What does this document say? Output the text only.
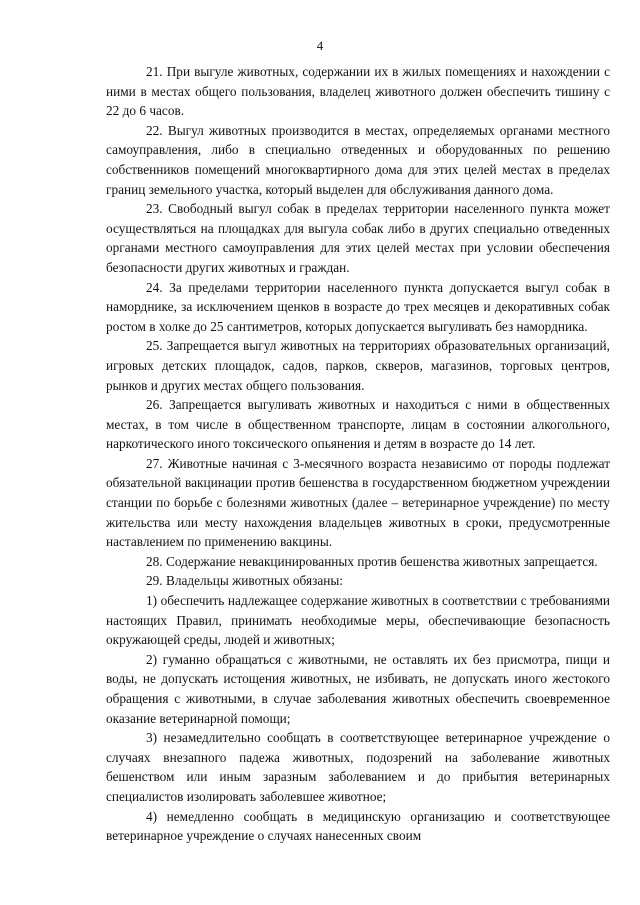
4

21. При выгуле животных, содержании их в жилых помещениях и нахождении с ними в местах общего пользования, владелец животного должен обеспечить тишину с 22 до 6 часов.

22. Выгул животных производится в местах, определяемых органами местного самоуправления, либо в специально отведенных и оборудованных по решению собственников помещений многоквартирного дома для этих целей местах в пределах границ земельного участка, который выделен для обслуживания данного дома.

23. Свободный выгул собак в пределах территории населенного пункта может осуществляться на площадках для выгула собак либо в других специально отведенных органами местного самоуправления для этих целей местах при условии обеспечения безопасности других животных и граждан.

24. За пределами территории населенного пункта допускается выгул собак в наморднике, за исключением щенков в возрасте до трех месяцев и декоративных собак ростом в холке до 25 сантиметров, которых допускается выгуливать без намордника.

25. Запрещается выгул животных на территориях образовательных организаций, игровых детских площадок, садов, парков, скверов, магазинов, торговых центров, рынков и других местах общего пользования.

26. Запрещается выгуливать животных и находиться с ними в общественных местах, в том числе в общественном транспорте, лицам в состоянии алкогольного, наркотического иного токсического опьянения и детям в возрасте до 14 лет.

27. Животные начиная с 3-месячного возраста независимо от породы подлежат обязательной вакцинации против бешенства в государственном бюджетном учреждении станции по борьбе с болезнями животных (далее – ветеринарное учреждение) по месту жительства или месту нахождения владельцев животных в сроки, предусмотренные наставлением по применению вакцины.

28. Содержание невакцинированных против бешенства животных запрещается.

29. Владельцы животных обязаны:

1) обеспечить надлежащее содержание животных в соответствии с требованиями настоящих Правил, принимать необходимые меры, обеспечивающие безопасность окружающей среды, людей и животных;

2) гуманно обращаться с животными, не оставлять их без присмотра, пищи и воды, не допускать истощения животных, не избивать, не допускать иного жестокого обращения с животными, в случае заболевания животных обеспечить своевременное оказание ветеринарной помощи;

3) незамедлительно сообщать в соответствующее ветеринарное учреждение о случаях внезапного падежа животных, подозрений на заболевание животных бешенством или иным заразным заболеванием и до прибытия ветеринарных специалистов изолировать заболевшее животное;

4) немедленно сообщать в медицинскую организацию и соответствующее ветеринарное учреждение о случаях нанесенных своим
